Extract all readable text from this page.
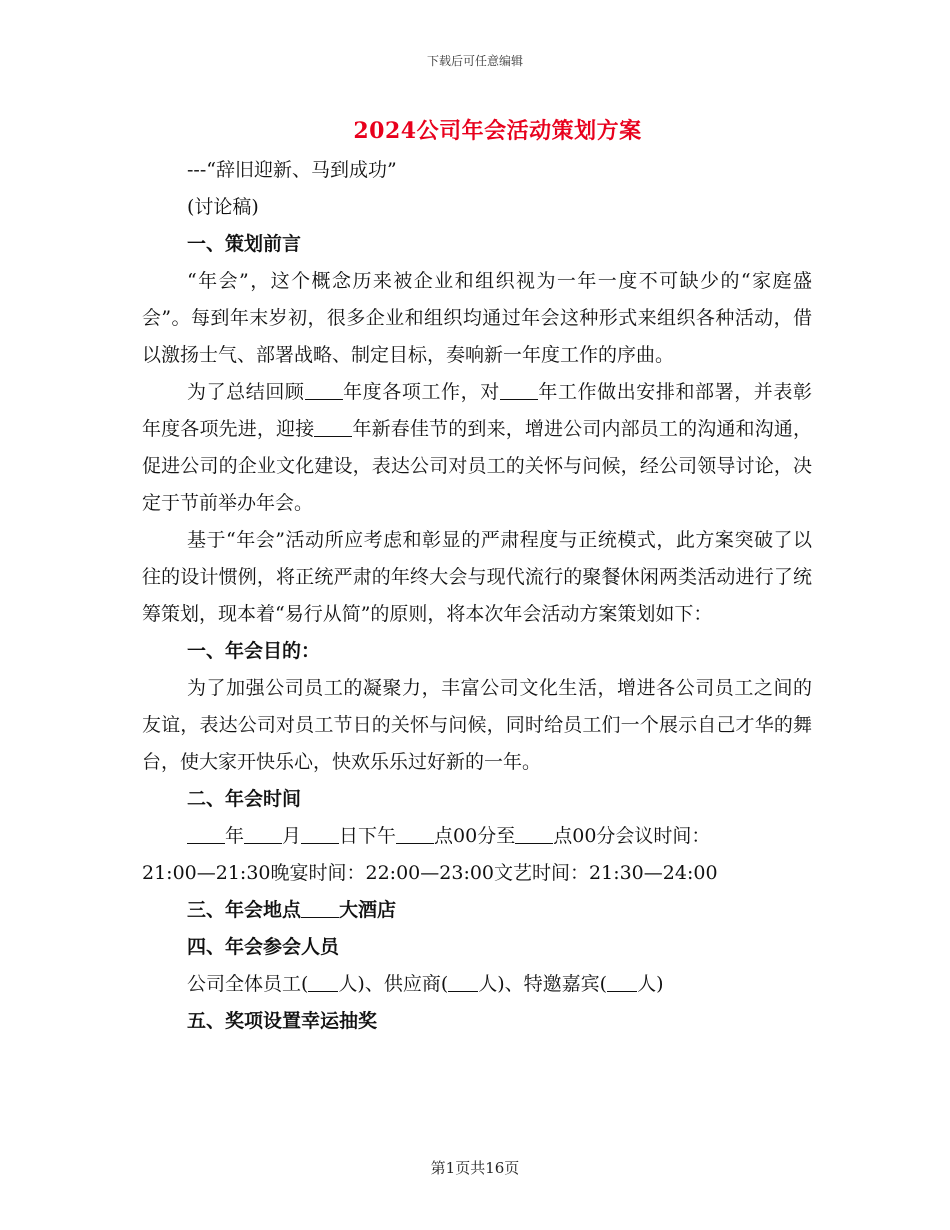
下载后可任意编辑
2024公司年会活动策划方案

---“辞旧迎新、马到成功”

(讨论稿)

一、策划前言

“年会”，这个概念历来被企业和组织视为一年一度不可缺少的“家庭盛会”。每到年末岁初，很多企业和组织均通过年会这种形式来组织各种活动，借以激扬士气、部署战略、制定目标，奏响新一年度工作的序曲。

为了总结回顾 年度各项工作，对 年工作做出安排和部署，并表彰年度各项先进，迎接 年新春佳节的到来，增进公司内部员工的沟通和沟通，促进公司的企业文化建设，表达公司对员工的关怀与问候，经公司领导讨论，决定于节前举办年会。

基于“年会”活动所应考虑和彰显的严肃程度与正统模式，此方案突破了以往的设计惯例，将正统严肃的年终大会与现代流行的聚餐休闲两类活动进行了统筹策划，现本着“易行从简”的原则，将本次年会活动方案策划如下：

一、年会目的：

为了加强公司员工的凝聚力，丰富公司文化生活，增进各公司员工之间的友谊，表达公司对员工节日的关怀与问候，同时给员工们一个展示自己才华的舞台，使大家开快乐心，快欢乐乐过好新的一年。

二、年会时间

年 月 日下午 点00分至 点00分会议时间：

21:00—21:30晚宴时间：22:00—23:00文艺时间：21:30—24:00

三、年会地点 大酒店

四、年会参会人员

公司全体员工( 人)、供应商( 人)、特邀嘉宾( 人)

五、奖项设置幸运抽奖

第1页共16页
